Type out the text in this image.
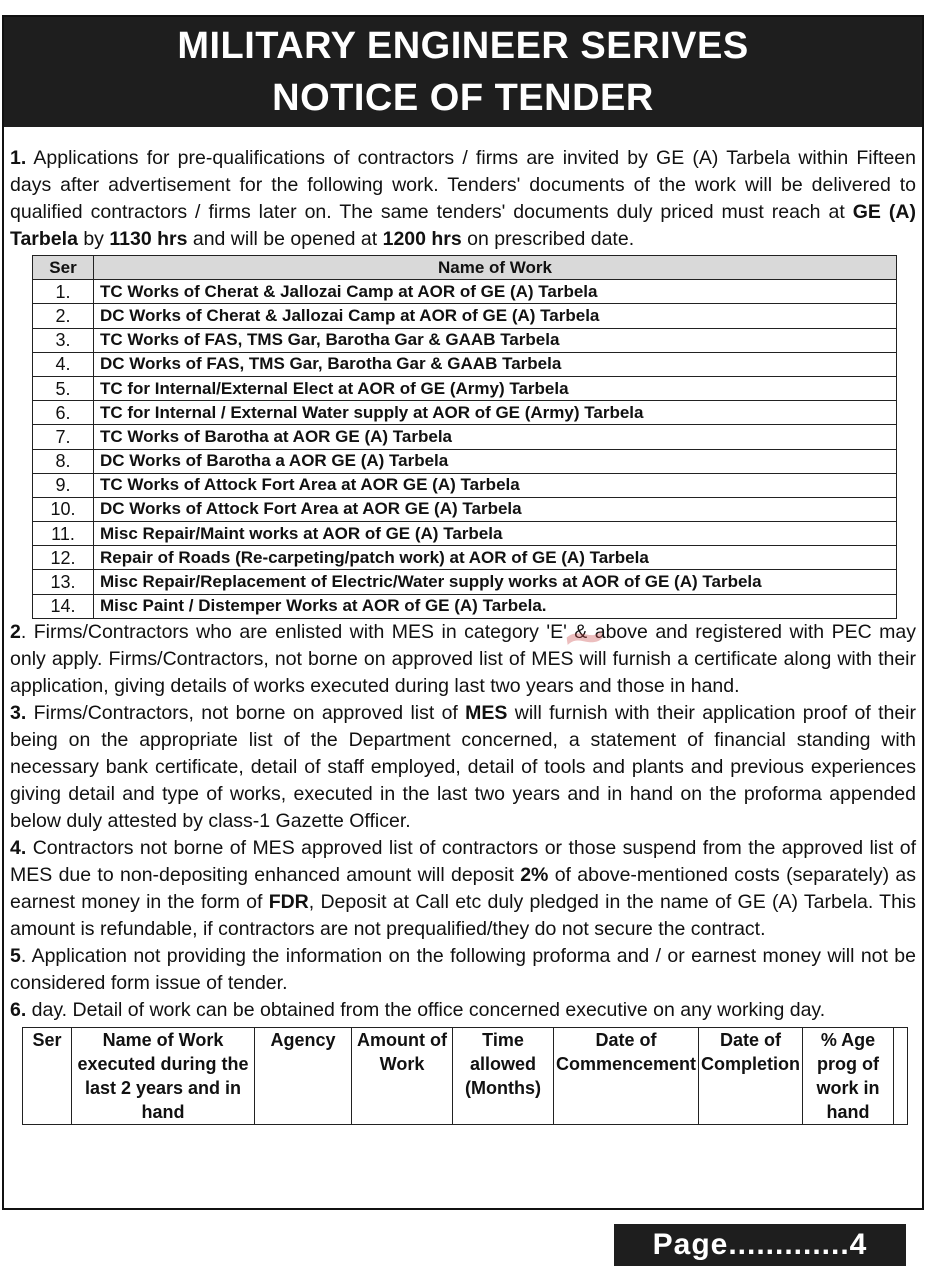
MILITARY ENGINEER SERIVES
NOTICE OF TENDER

1. Applications for pre-qualifications of contractors / firms are invited by GE (A) Tarbela within Fifteen days after advertisement for the following work. Tenders' documents of the work will be delivered to qualified contractors / firms later on. The same tenders' documents duly priced must reach at GE (A) Tarbela by 1130 hrs and will be opened at 1200 hrs on prescribed date.

Ser	Name of Work
1.	TC Works of Cherat & Jallozai Camp at AOR of GE (A) Tarbela
2.	DC Works of Cherat & Jallozai Camp at AOR of GE (A) Tarbela
3.	TC Works of FAS, TMS Gar, Barotha Gar & GAAB Tarbela
4.	DC Works of FAS, TMS Gar, Barotha Gar & GAAB Tarbela
5.	TC for Internal/External Elect at AOR of GE (Army) Tarbela
6.	TC for Internal / External Water supply at AOR of GE (Army) Tarbela
7.	TC Works of Barotha at AOR GE (A) Tarbela
8.	DC Works of Barotha a AOR GE (A) Tarbela
9.	TC Works of Attock Fort Area at AOR GE (A) Tarbela
10.	DC Works of Attock Fort Area at AOR GE (A) Tarbela
11.	Misc Repair/Maint works at AOR of GE (A) Tarbela
12.	Repair of Roads (Re-carpeting/patch work) at AOR of GE (A) Tarbela
13.	Misc Repair/Replacement of Electric/Water supply works at AOR of GE (A) Tarbela
14.	Misc Paint / Distemper Works at AOR of GE (A) Tarbela.

2. Firms/Contractors who are enlisted with MES in category 'E' & above and registered with PEC may only apply. Firms/Contractors, not borne on approved list of MES will furnish a certificate along with their application, giving details of works executed during last two years and those in hand.

3. Firms/Contractors, not borne on approved list of MES will furnish with their application proof of their being on the appropriate list of the Department concerned, a statement of financial standing with necessary bank certificate, detail of staff employed, detail of tools and plants and previous experiences giving detail and type of works, executed in the last two years and in hand on the proforma appended below duly attested by class-1 Gazette Officer.

4. Contractors not borne of MES approved list of contractors or those suspend from the approved list of MES due to non-depositing enhanced amount will deposit 2% of above-mentioned costs (separately) as earnest money in the form of FDR, Deposit at Call etc duly pledged in the name of GE (A) Tarbela. This amount is refundable, if contractors are not prequalified/they do not secure the contract.

5. Application not providing the information on the following proforma and / or earnest money will not be considered form issue of tender.

6. day. Detail of work can be obtained from the office concerned executive on any working day.

Ser	Name of Work executed during the last 2 years and in hand	Agency	Amount of Work	Time allowed (Months)	Date of Commencement	Date of Completion	% Age prog of work in hand	
~
Page.............4
